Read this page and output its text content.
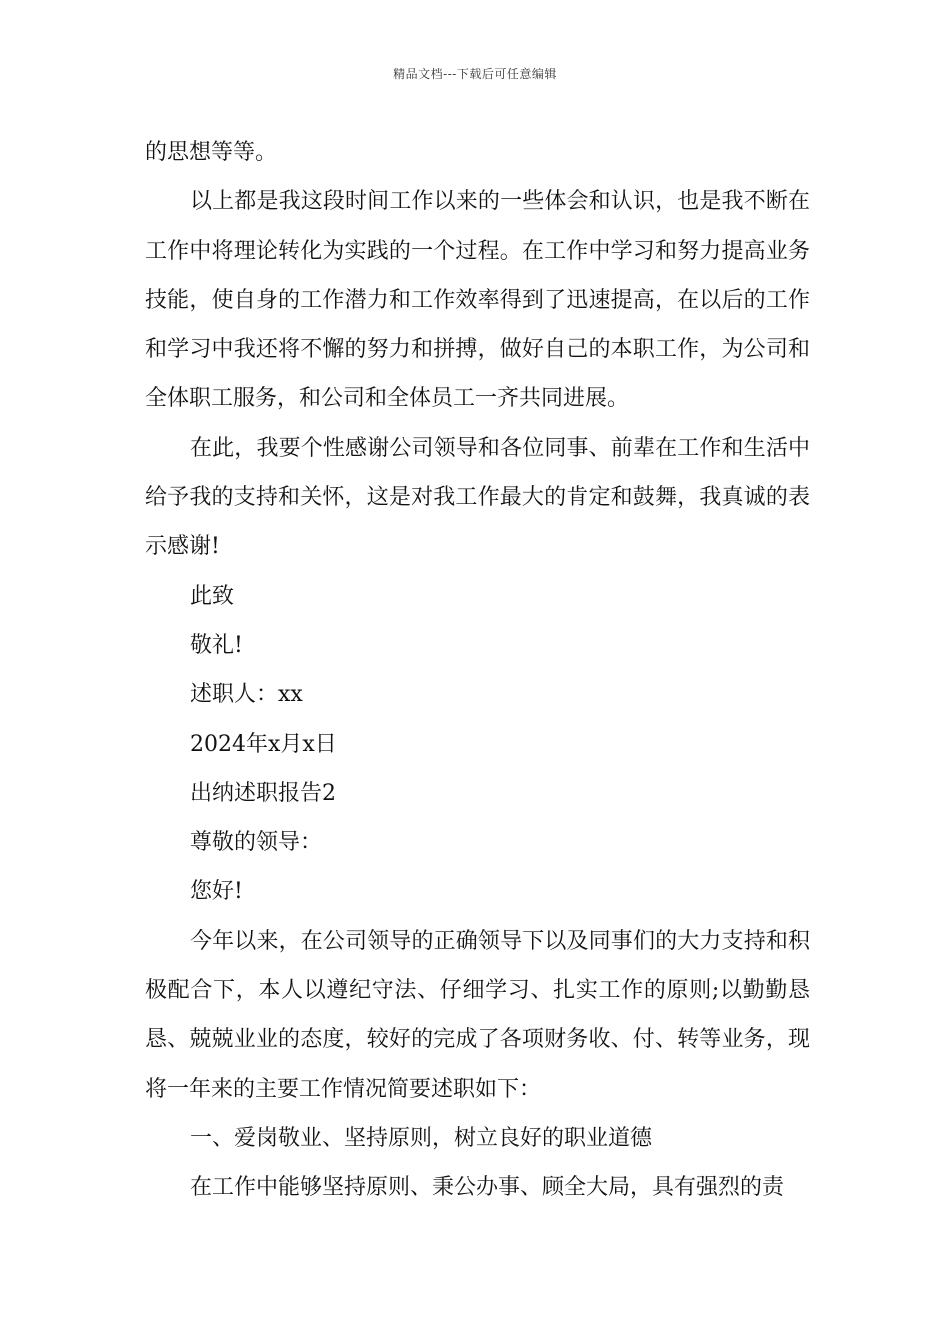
精品文档---下载后可任意编辑

的思想等等。

以上都是我这段时间工作以来的一些体会和认识，也是我不断在工作中将理论转化为实践的一个过程。在工作中学习和努力提高业务技能，使自身的工作潜力和工作效率得到了迅速提高，在以后的工作和学习中我还将不懈的努力和拼搏，做好自己的本职工作，为公司和全体职工服务，和公司和全体员工一齐共同进展。

在此，我要个性感谢公司领导和各位同事、前辈在工作和生活中给予我的支持和关怀，这是对我工作最大的肯定和鼓舞，我真诚的表示感谢!

此致

敬礼!

述职人：xx

2024年x月x日

出纳述职报告2

尊敬的领导：

您好!

今年以来，在公司领导的正确领导下以及同事们的大力支持和积极配合下，本人以遵纪守法、仔细学习、扎实工作的原则;以勤勤恳恳、兢兢业业的态度，较好的完成了各项财务收、付、转等业务，现将一年来的主要工作情况简要述职如下：

一、爱岗敬业、坚持原则，树立良好的职业道德

在工作中能够坚持原则、秉公办事、顾全大局，具有强烈的责
